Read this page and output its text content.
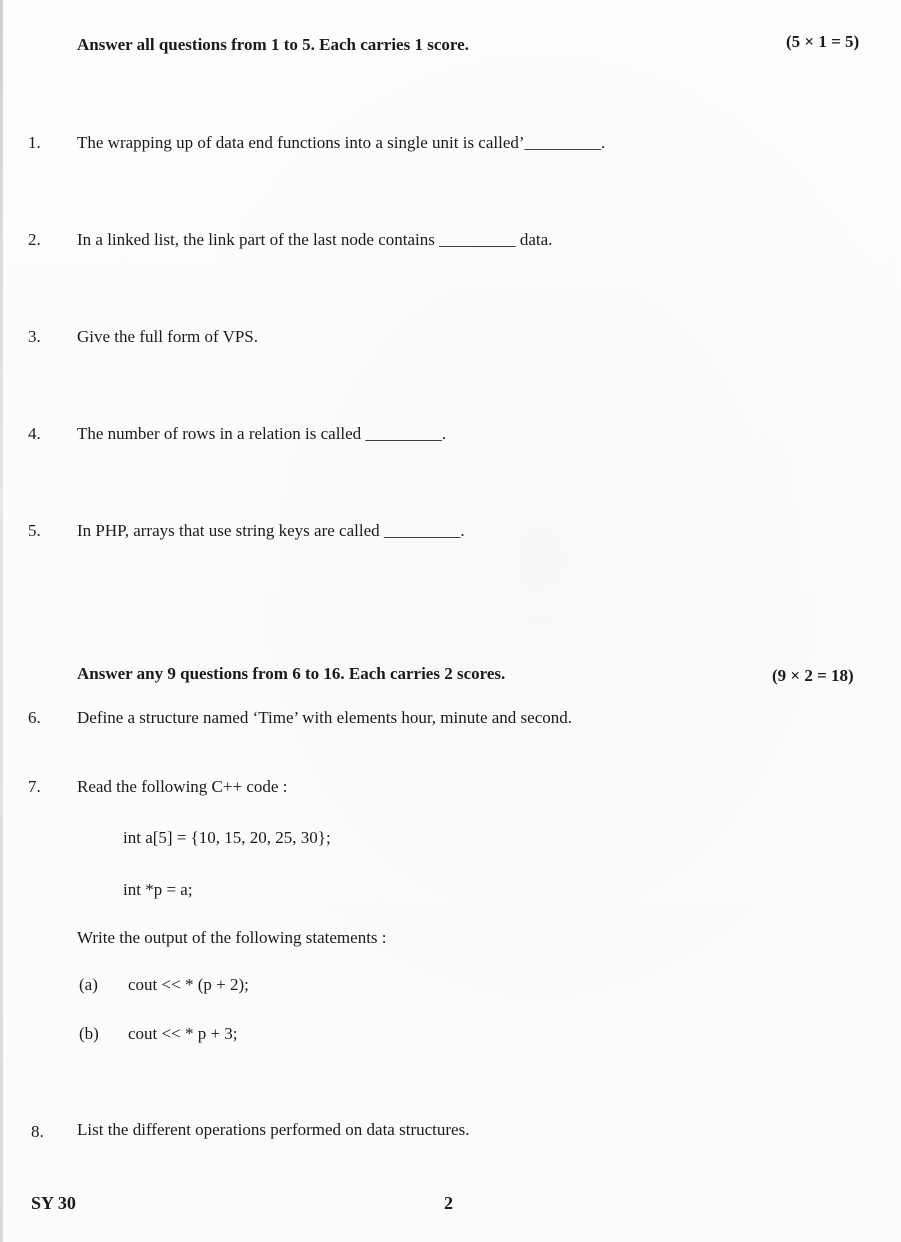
Answer all questions from 1 to 5. Each carries 1 score.	(5 × 1 = 5)
1. The wrapping up of data end functions into a single unit is called’_________.
2. In a linked list, the link part of the last node contains _________ data.
3. Give the full form of VPS.
4. The number of rows in a relation is called _________.
5. In PHP, arrays that use string keys are called _________.
Answer any 9 questions from 6 to 16. Each carries 2 scores.	(9 × 2 = 18)
6. Define a structure named ‘Time’ with elements hour, minute and second.
7. Read the following C++ code :
int a[5] = {10, 15, 20, 25, 30};
int *p = a;
Write the output of the following statements :
(a) cout << * (p + 2);
(b) cout << * p + 3;
8. List the different operations performed on data structures.
SY 30	2
